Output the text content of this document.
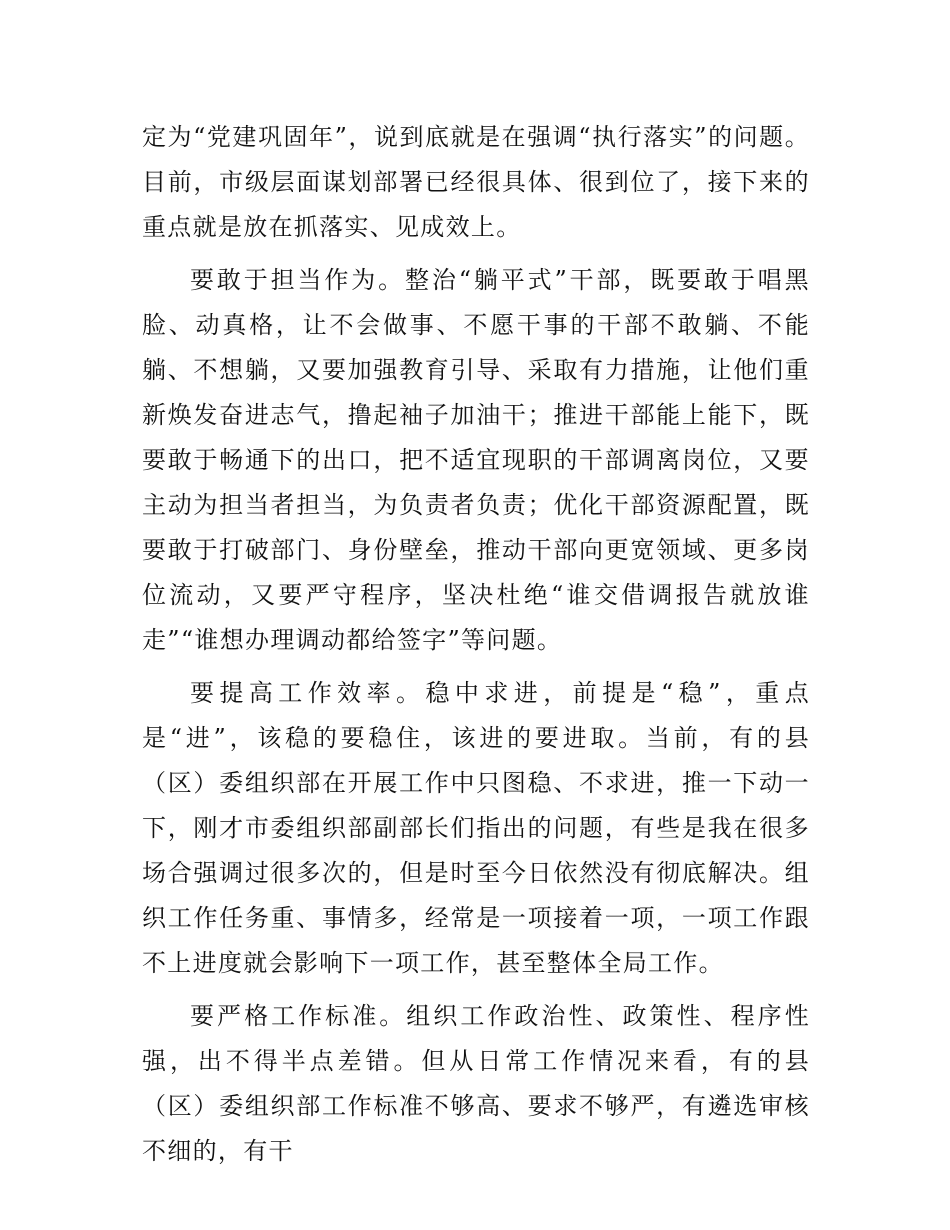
定为“党建巩固年”，说到底就是在强调“执行落实”的问题。目前，市级层面谋划部署已经很具体、很到位了，接下来的重点就是放在抓落实、见成效上。

要敢于担当作为。整治“躺平式”干部，既要敢于唱黑脸、动真格，让不会做事、不愿干事的干部不敢躺、不能躺、不想躺，又要加强教育引导、采取有力措施，让他们重新焕发奋进志气，撸起袖子加油干；推进干部能上能下，既要敢于畅通下的出口，把不适宜现职的干部调离岗位，又要主动为担当者担当，为负责者负责；优化干部资源配置，既要敢于打破部门、身份壁垒，推动干部向更宽领域、更多岗位流动，又要严守程序，坚决杜绝“谁交借调报告就放谁走”“谁想办理调动都给签字”等问题。

要提高工作效率。稳中求进，前提是“稳”，重点是“进”，该稳的要稳住，该进的要进取。当前，有的县（区）委组织部在开展工作中只图稳、不求进，推一下动一下，刚才市委组织部副部长们指出的问题，有些是我在很多场合强调过很多次的，但是时至今日依然没有彻底解决。组织工作任务重、事情多，经常是一项接着一项，一项工作跟不上进度就会影响下一项工作，甚至整体全局工作。

要严格工作标准。组织工作政治性、政策性、程序性强，出不得半点差错。但从日常工作情况来看，有的县（区）委组织部工作标准不够高、要求不够严，有遴选审核不细的，有干
